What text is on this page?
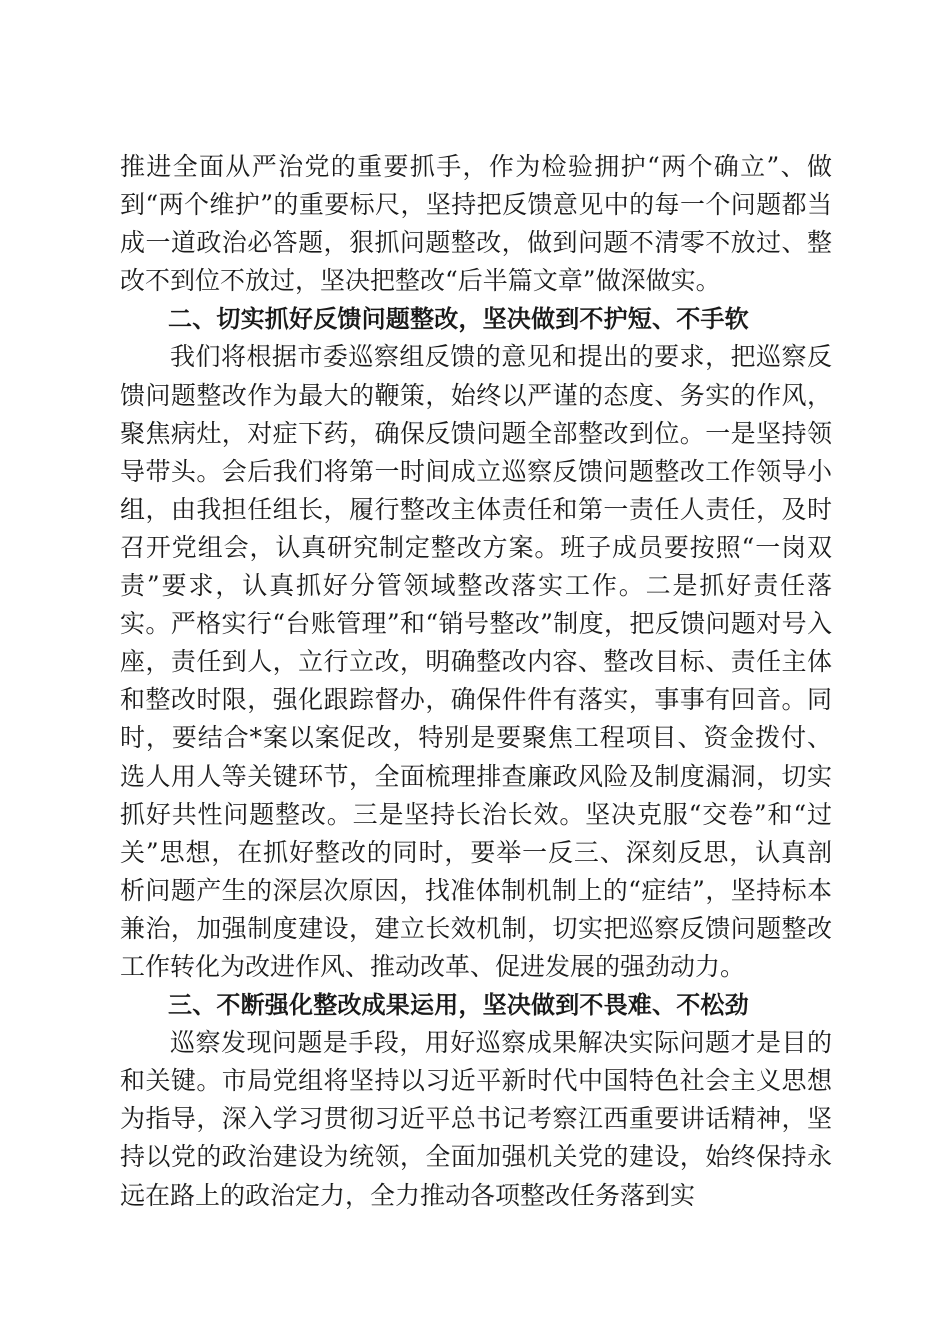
推进全面从严治党的重要抓手，作为检验拥护“两个确立”、做到“两个维护”的重要标尺，坚持把反馈意见中的每一个问题都当成一道政治必答题，狠抓问题整改，做到问题不清零不放过、整改不到位不放过，坚决把整改“后半篇文章”做深做实。

二、切实抓好反馈问题整改，坚决做到不护短、不手软

我们将根据市委巡察组反馈的意见和提出的要求，把巡察反馈问题整改作为最大的鞭策，始终以严谨的态度、务实的作风，聚焦病灶，对症下药，确保反馈问题全部整改到位。一是坚持领导带头。会后我们将第一时间成立巡察反馈问题整改工作领导小组，由我担任组长，履行整改主体责任和第一责任人责任，及时召开党组会，认真研究制定整改方案。班子成员要按照“一岗双责”要求，认真抓好分管领域整改落实工作。二是抓好责任落实。严格实行“台账管理”和“销号整改”制度，把反馈问题对号入座，责任到人，立行立改，明确整改内容、整改目标、责任主体和整改时限，强化跟踪督办，确保件件有落实，事事有回音。同时，要结合*案以案促改，特别是要聚焦工程项目、资金拨付、选人用人等关键环节，全面梳理排查廉政风险及制度漏洞，切实抓好共性问题整改。三是坚持长治长效。坚决克服“交卷”和“过关”思想，在抓好整改的同时，要举一反三、深刻反思，认真剖析问题产生的深层次原因，找准体制机制上的“症结”，坚持标本兼治，加强制度建设，建立长效机制，切实把巡察反馈问题整改工作转化为改进作风、推动改革、促进发展的强劲动力。

三、不断强化整改成果运用，坚决做到不畏难、不松劲

巡察发现问题是手段，用好巡察成果解决实际问题才是目的和关键。市局党组将坚持以习近平新时代中国特色社会主义思想为指导，深入学习贯彻习近平总书记考察江西重要讲话精神，坚持以党的政治建设为统领，全面加强机关党的建设，始终保持永远在路上的政治定力，全力推动各项整改任务落到实
